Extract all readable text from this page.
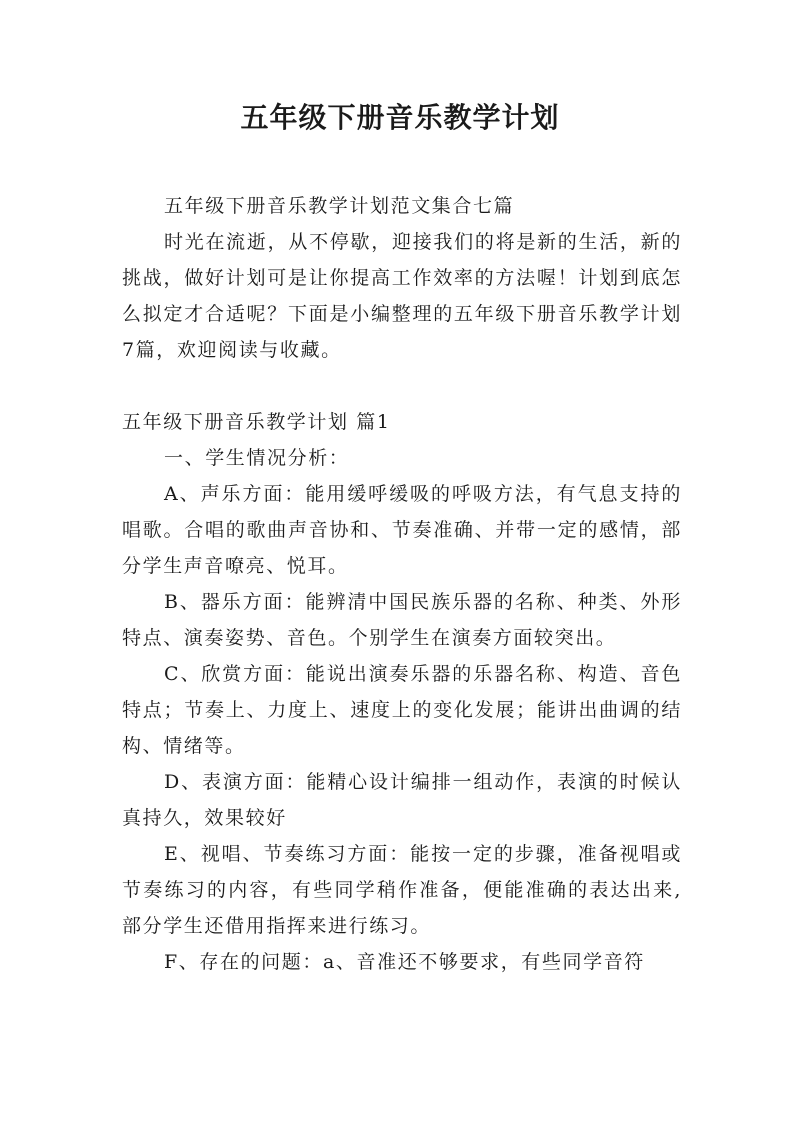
五年级下册音乐教学计划

五年级下册音乐教学计划范文集合七篇

时光在流逝，从不停歇，迎接我们的将是新的生活，新的挑战，做好计划可是让你提高工作效率的方法喔！计划到底怎么拟定才合适呢？下面是小编整理的五年级下册音乐教学计划7篇，欢迎阅读与收藏。

五年级下册音乐教学计划 篇1

一、学生情况分析：

A、声乐方面：能用缓呼缓吸的呼吸方法，有气息支持的唱歌。合唱的歌曲声音协和、节奏准确、并带一定的感情，部分学生声音嘹亮、悦耳。

B、器乐方面：能辨清中国民族乐器的名称、种类、外形特点、演奏姿势、音色。个别学生在演奏方面较突出。

C、欣赏方面：能说出演奏乐器的乐器名称、构造、音色特点；节奏上、力度上、速度上的变化发展；能讲出曲调的结构、情绪等。

D、表演方面：能精心设计编排一组动作，表演的时候认真持久，效果较好

E、视唱、节奏练习方面：能按一定的步骤，准备视唱或节奏练习的内容，有些同学稍作准备，便能准确的表达出来,部分学生还借用指挥来进行练习。

F、存在的问题：a、音准还不够要求，有些同学音符
